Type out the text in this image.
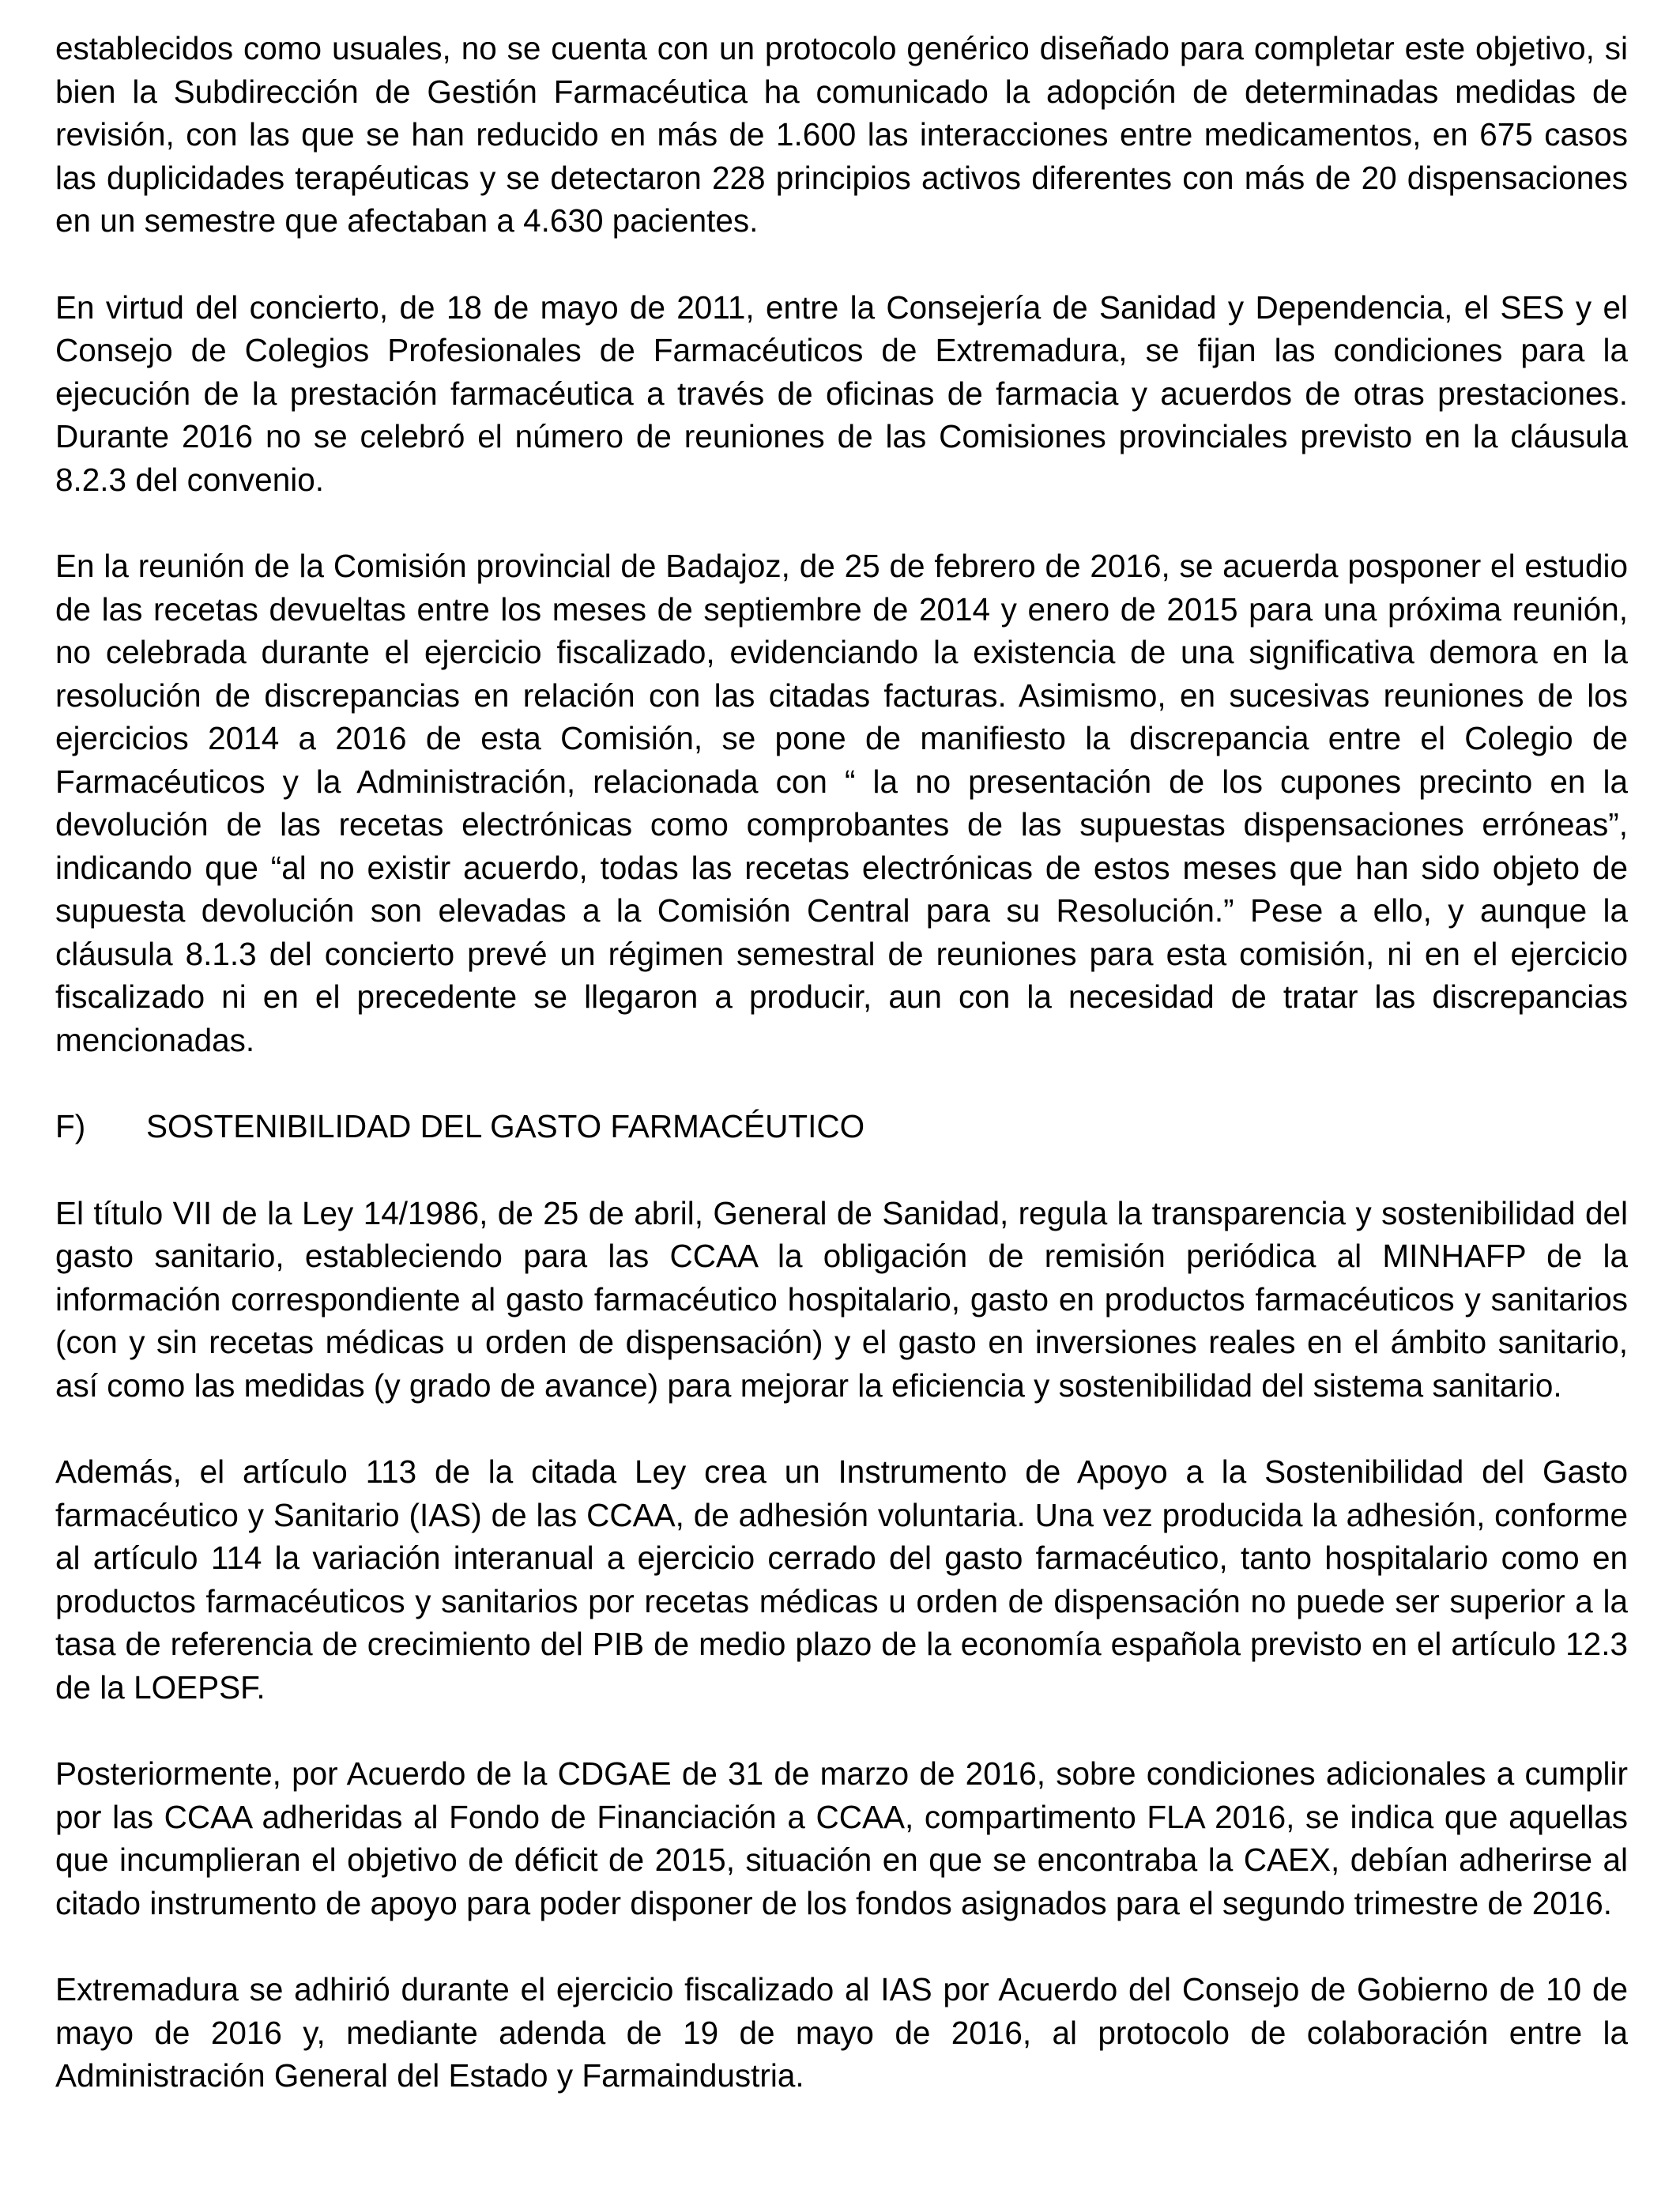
establecidos como usuales, no se cuenta con un protocolo genérico diseñado para completar este objetivo, si bien la Subdirección de Gestión Farmacéutica ha comunicado la adopción de determinadas medidas de revisión, con las que se han reducido en más de 1.600 las interacciones entre medicamentos, en 675 casos las duplicidades terapéuticas y se detectaron 228 principios activos diferentes con más de 20 dispensaciones en un semestre que afectaban a 4.630 pacientes.

En virtud del concierto, de 18 de mayo de 2011, entre la Consejería de Sanidad y Dependencia, el SES y el Consejo de Colegios Profesionales de Farmacéuticos de Extremadura, se fijan las condiciones para la ejecución de la prestación farmacéutica a través de oficinas de farmacia y acuerdos de otras prestaciones. Durante 2016 no se celebró el número de reuniones de las Comisiones provinciales previsto en la cláusula 8.2.3 del convenio.

En la reunión de la Comisión provincial de Badajoz, de 25 de febrero de 2016, se acuerda posponer el estudio de las recetas devueltas entre los meses de septiembre de 2014 y enero de 2015 para una próxima reunión, no celebrada durante el ejercicio fiscalizado, evidenciando la existencia de una significativa demora en la resolución de discrepancias en relación con las citadas facturas. Asimismo, en sucesivas reuniones de los ejercicios 2014 a 2016 de esta Comisión, se pone de manifiesto la discrepancia entre el Colegio de Farmacéuticos y la Administración, relacionada con “ la no presentación de los cupones precinto en la devolución de las recetas electrónicas como comprobantes de las supuestas dispensaciones erróneas”, indicando que “al no existir acuerdo, todas las recetas electrónicas de estos meses que han sido objeto de supuesta devolución son elevadas a la Comisión Central para su Resolución.” Pese a ello, y aunque la cláusula 8.1.3 del concierto prevé un régimen semestral de reuniones para esta comisión, ni en el ejercicio fiscalizado ni en el precedente se llegaron a producir, aun con la necesidad de tratar las discrepancias mencionadas.

F)	SOSTENIBILIDAD DEL GASTO FARMACÉUTICO

El título VII de la Ley 14/1986, de 25 de abril, General de Sanidad, regula la transparencia y sostenibilidad del gasto sanitario, estableciendo para las CCAA la obligación de remisión periódica al MINHAFP de la información correspondiente al gasto farmacéutico hospitalario, gasto en productos farmacéuticos y sanitarios (con y sin recetas médicas u orden de dispensación) y el gasto en inversiones reales en el ámbito sanitario, así como las medidas (y grado de avance) para mejorar la eficiencia y sostenibilidad del sistema sanitario.

Además, el artículo 113 de la citada Ley crea un Instrumento de Apoyo a la Sostenibilidad del Gasto farmacéutico y Sanitario (IAS) de las CCAA, de adhesión voluntaria. Una vez producida la adhesión, conforme al artículo 114 la variación interanual a ejercicio cerrado del gasto farmacéutico, tanto hospitalario como en productos farmacéuticos y sanitarios por recetas médicas u orden de dispensación no puede ser superior a la tasa de referencia de crecimiento del PIB de medio plazo de la economía española previsto en el artículo 12.3 de la LOEPSF.

Posteriormente, por Acuerdo de la CDGAE de 31 de marzo de 2016, sobre condiciones adicionales a cumplir por las CCAA adheridas al Fondo de Financiación a CCAA, compartimento FLA 2016, se indica que aquellas que incumplieran el objetivo de déficit de 2015, situación en que se encontraba la CAEX, debían adherirse al citado instrumento de apoyo para poder disponer de los fondos asignados para el segundo trimestre de 2016.

Extremadura se adhirió durante el ejercicio fiscalizado al IAS por Acuerdo del Consejo de Gobierno de 10 de mayo de 2016 y, mediante adenda de 19 de mayo de 2016, al protocolo de colaboración entre la Administración General del Estado y Farmaindustria.
